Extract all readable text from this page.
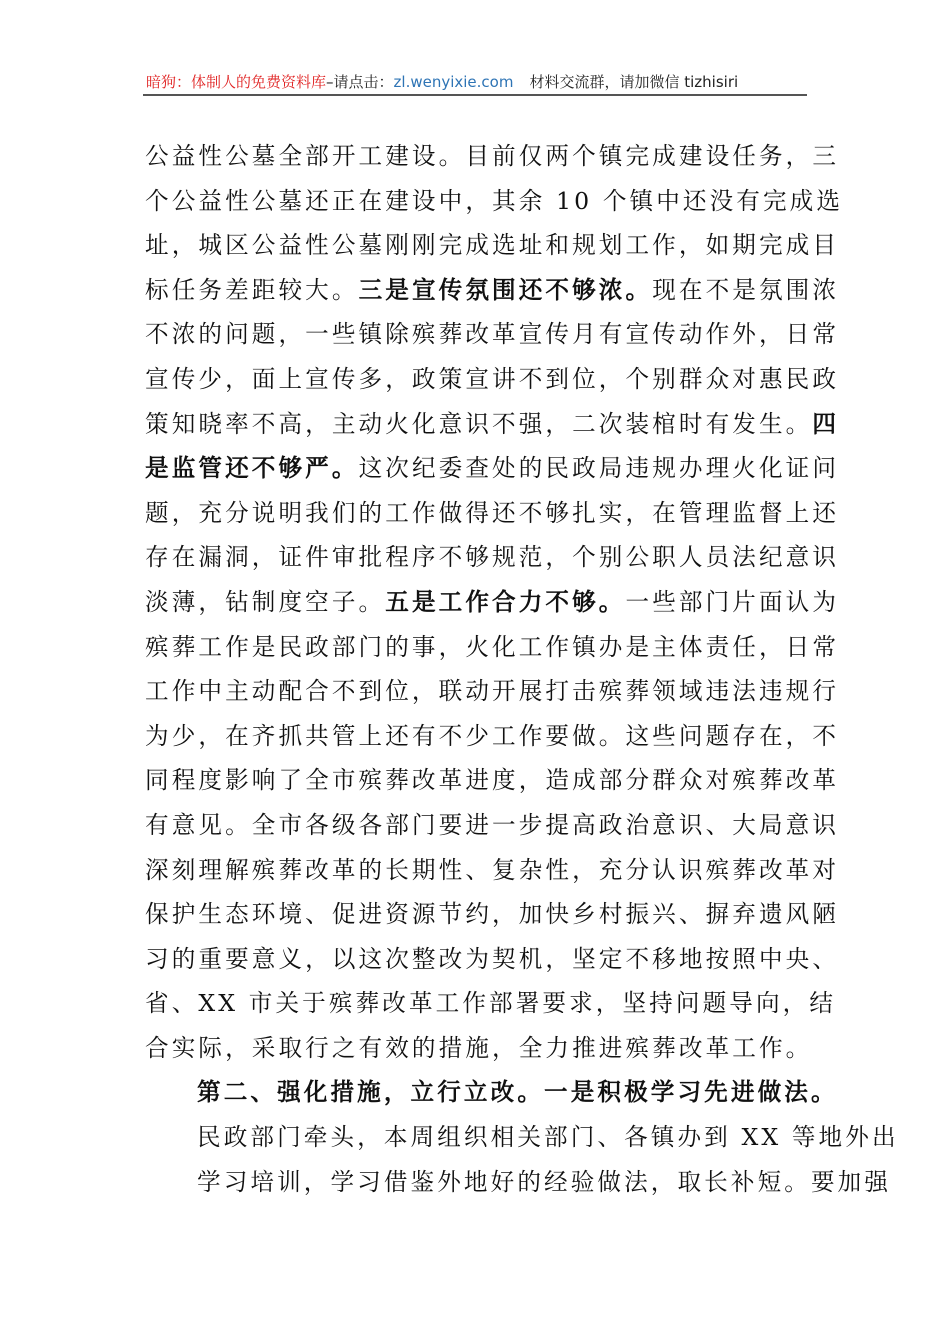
暗狗：体制人的免费资料库–请点击：zl.wenyixie.com 材料交流群，请加微信 tizhisiri

公益性公墓全部开工建设。目前仅两个镇完成建设任务，三
个公益性公墓还正在建设中，其余 10 个镇中还没有完成选
址，城区公益性公墓刚刚完成选址和规划工作，如期完成目
标任务差距较大。三是宣传氛围还不够浓。现在不是氛围浓
不浓的问题，一些镇除殡葬改革宣传月有宣传动作外，日常
宣传少，面上宣传多，政策宣讲不到位，个别群众对惠民政
策知晓率不高，主动火化意识不强，二次装棺时有发生。四
是监管还不够严。这次纪委查处的民政局违规办理火化证问
题，充分说明我们的工作做得还不够扎实，在管理监督上还
存在漏洞，证件审批程序不够规范，个别公职人员法纪意识
淡薄，钻制度空子。五是工作合力不够。一些部门片面认为
殡葬工作是民政部门的事，火化工作镇办是主体责任，日常
工作中主动配合不到位，联动开展打击殡葬领域违法违规行
为少，在齐抓共管上还有不少工作要做。这些问题存在，不
同程度影响了全市殡葬改革进度，造成部分群众对殡葬改革
有意见。全市各级各部门要进一步提高政治意识、大局意识
深刻理解殡葬改革的长期性、复杂性，充分认识殡葬改革对
保护生态环境、促进资源节约，加快乡村振兴、摒弃遗风陋
习的重要意义，以这次整改为契机，坚定不移地按照中央、
省、XX 市关于殡葬改革工作部署要求，坚持问题导向，结
合实际，采取行之有效的措施，全力推进殡葬改革工作。

第二、强化措施，立行立改。一是积极学习先进做法。
民政部门牵头，本周组织相关部门、各镇办到 XX 等地外出
学习培训，学习借鉴外地好的经验做法，取长补短。要加强
